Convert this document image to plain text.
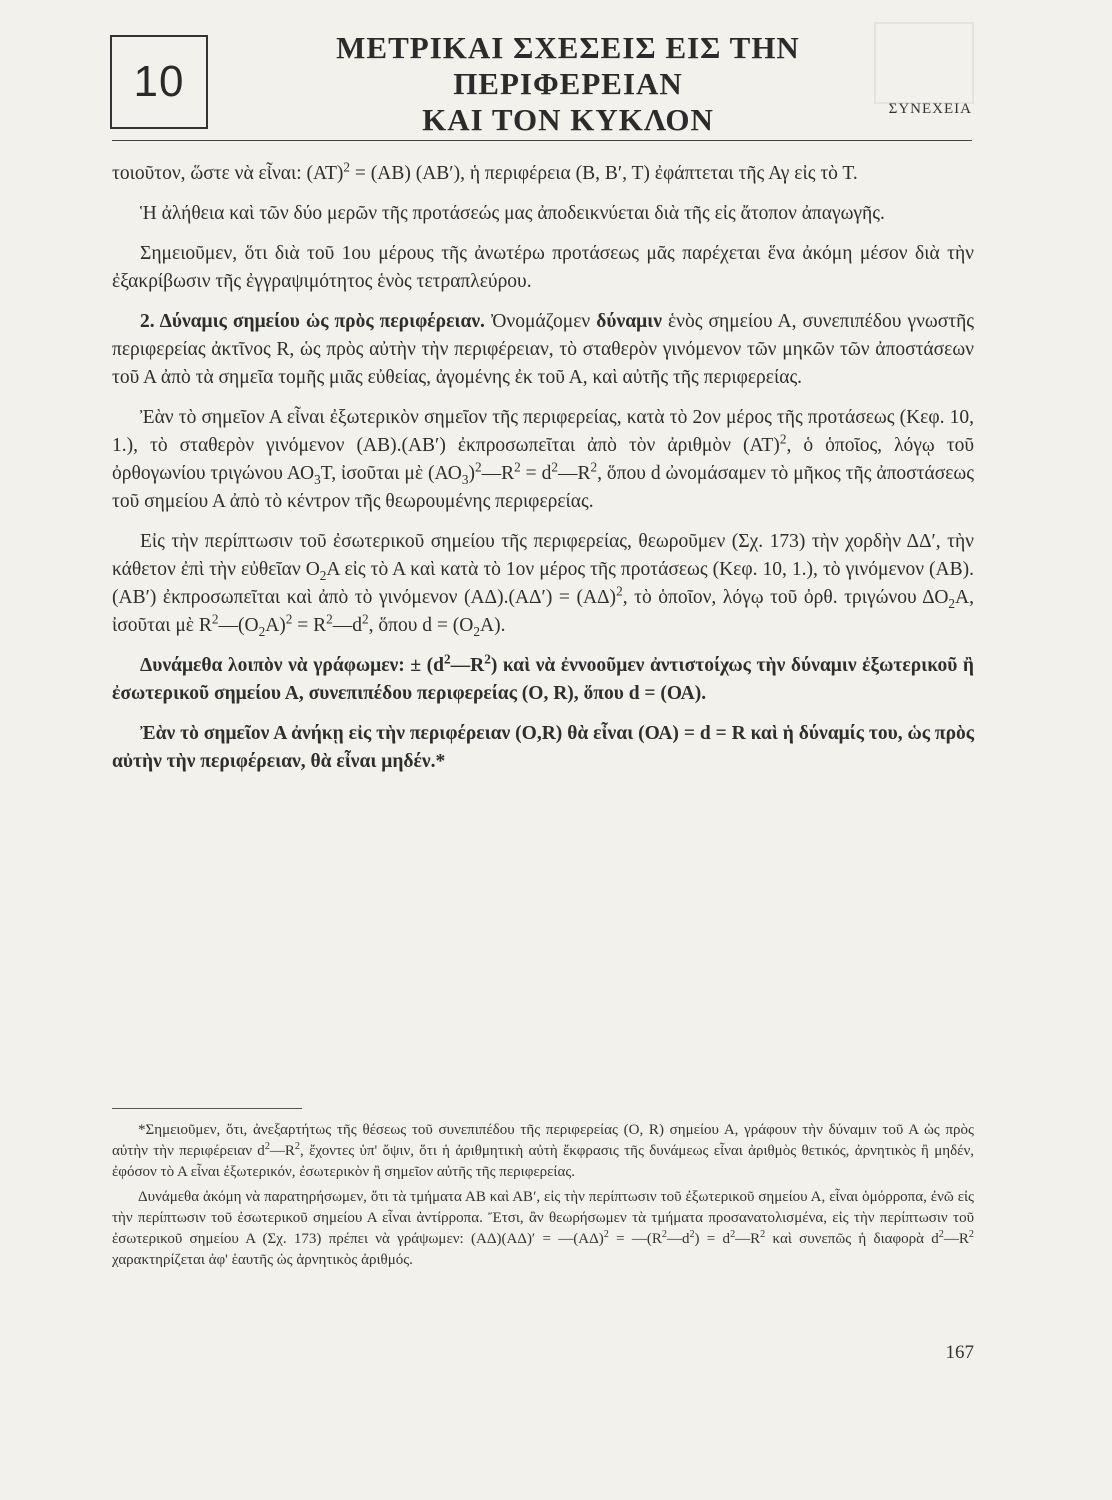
10
ΜΕΤΡΙΚΑΙ ΣΧΕΣΕΙΣ ΕΙΣ ΤΗΝ ΠΕΡΙΦΕΡΕΙΑΝ
ΚΑΙ ΤΟΝ ΚΥΚΛΟΝ	ΣΥΝΕΧΕΙΑ

τοιοῦτον, ὥστε νὰ εἶναι: $(AT)^2 = (AB)$ (ΑΒ′), ἡ περιφέρεια (Β, Β′, Τ) ἐφάπτεται τῆς Αγ εἰς τὸ Τ.

Ἡ ἀλήθεια καὶ τῶν δύο μερῶν τῆς προτάσεώς μας ἀποδεικνύεται διὰ τῆς εἰς ἄτοπον ἀπαγωγῆς.

Σημειοῦμεν, ὅτι διὰ τοῦ 1ου μέρους τῆς ἀνωτέρω προτάσεως μᾶς παρέχεται ἕνα ἀκόμη μέσον διὰ τὴν ἐξακρίβωσιν τῆς ἐγγραψιμότητος ἑνὸς τετραπλεύρου.

2. Δύναμις σημείου ὡς πρὸς περιφέρειαν. Ὀνομάζομεν δύναμιν ἑνὸς σημείου Α, συνεπιπέδου γνωστῆς περιφερείας ἀκτῖνος R, ὡς πρὸς αὐτὴν τὴν περιφέρειαν, τὸ σταθερὸν γινόμενον τῶν μηκῶν τῶν ἀποστάσεων τοῦ Α ἀπὸ τὰ σημεῖα τομῆς μιᾶς εὐθείας, ἀγομένης ἐκ τοῦ Α, καὶ αὐτῆς τῆς περιφερείας.

Ἐὰν τὸ σημεῖον Α εἶναι ἐξωτερικὸν σημεῖον τῆς περιφερείας, κατὰ τὸ 2ον μέρος τῆς προτάσεως (Κεφ. 10, 1.), τὸ σταθερὸν γινόμενον (ΑΒ).(ΑΒ′) ἐκπροσωπεῖται ἀπὸ τὸν ἀριθμὸν $(AT)^2$, ὁ ὁποῖος, λόγῳ τοῦ ὀρθογωνίου τριγώνου $AO_3T$, ἰσοῦται μὲ $(AO_3)^2—R^2$ = $d^2—R^2$, ὅπου d ὠνομάσαμεν τὸ μῆκος τῆς ἀποστάσεως τοῦ σημείου Α ἀπὸ τὸ κέντρον τῆς θεωρουμένης περιφερείας.

Εἰς τὴν περίπτωσιν τοῦ ἐσωτερικοῦ σημείου τῆς περιφερείας, θεωροῦμεν (Σχ. 173) τὴν χορδὴν ΔΔ′, τὴν κάθετον ἐπὶ τὴν εὐθεῖαν $O_2A$ εἰς τὸ Α καὶ κατὰ τὸ 1ον μέρος τῆς προτάσεως (Κεφ. 10, 1.), τὸ γινόμενον (ΑΒ).(ΑΒ′) ἐκπροσωπεῖται καὶ ἀπὸ τὸ γινόμενον $(A\Delta).(A\Delta') = (A\Delta)^2$, τὸ ὁποῖον, λόγῳ τοῦ ὀρθ. τριγώνου $\Delta O_2A$, ἰσοῦται μὲ $R^2—(O_2A)^2$ = $R^2—d^2$, ὅπου $d = (O_2A)$.

Δυνάμεθα λοιπὸν νὰ γράφωμεν: ± $(d^2—R^2)$ καὶ νὰ ἐννοοῦμεν ἀντιστοίχως τὴν δύναμιν ἐξωτερικοῦ ἢ ἐσωτερικοῦ σημείου Α, συνεπιπέδου περιφερείας (Ο, R), ὅπου d = (ΟΑ).

Ἐὰν τὸ σημεῖον Α ἀνήκῃ εἰς τὴν περιφέρειαν (Ο,R) θὰ εἶναι (ΟΑ) = d = R καὶ ἡ δύναμίς του, ὡς πρὸς αὐτὴν τὴν περιφέρειαν, θὰ εἶναι μηδέν.*

*Σημειοῦμεν, ὅτι, ἀνεξαρτήτως τῆς θέσεως τοῦ συνεπιπέδου τῆς περιφερείας (Ο, R) σημείου Α, γράφουν τὴν δύναμιν τοῦ Α ὡς πρὸς αὐτὴν τὴν περιφέρειαν $d^2—R^2$, ἔχοντες ὑπ' ὄψιν, ὅτι ἡ ἀριθμητικὴ αὐτὴ ἔκφρασις τῆς δυνάμεως εἶναι ἀριθμὸς θετικός, ἀρνητικὸς ἢ μηδέν, ἐφόσον τὸ Α εἶναι ἐξωτερικόν, ἐσωτερικὸν ἢ σημεῖον αὐτῆς τῆς περιφερείας.

Δυνάμεθα ἀκόμη νὰ παρατηρήσωμεν, ὅτι τὰ τμήματα ΑΒ καὶ ΑΒ′, εἰς τὴν περίπτωσιν τοῦ ἐξωτερικοῦ σημείου Α, εἶναι ὁμόρροπα, ἐνῶ εἰς τὴν περίπτωσιν τοῦ ἐσωτερικοῦ σημείου Α εἶναι ἀντίρροπα. Ἔτσι, ἂν θεωρήσωμεν τὰ τμήματα προσανατολισμένα, εἰς τὴν περίπτωσιν τοῦ ἐσωτερικοῦ σημείου Α (Σχ. 173) πρέπει νὰ γράψωμεν: $(A\Delta)(A\Delta)' = —(A\Delta)^2$ = $—(R^2—d^2)$ = $d^2—R^2$ καὶ συνεπῶς ἡ διαφορὰ $d^2—R^2$ χαρακτηρίζεται ἀφ' ἑαυτῆς ὡς ἀρνητικὸς ἀριθμός.

167
